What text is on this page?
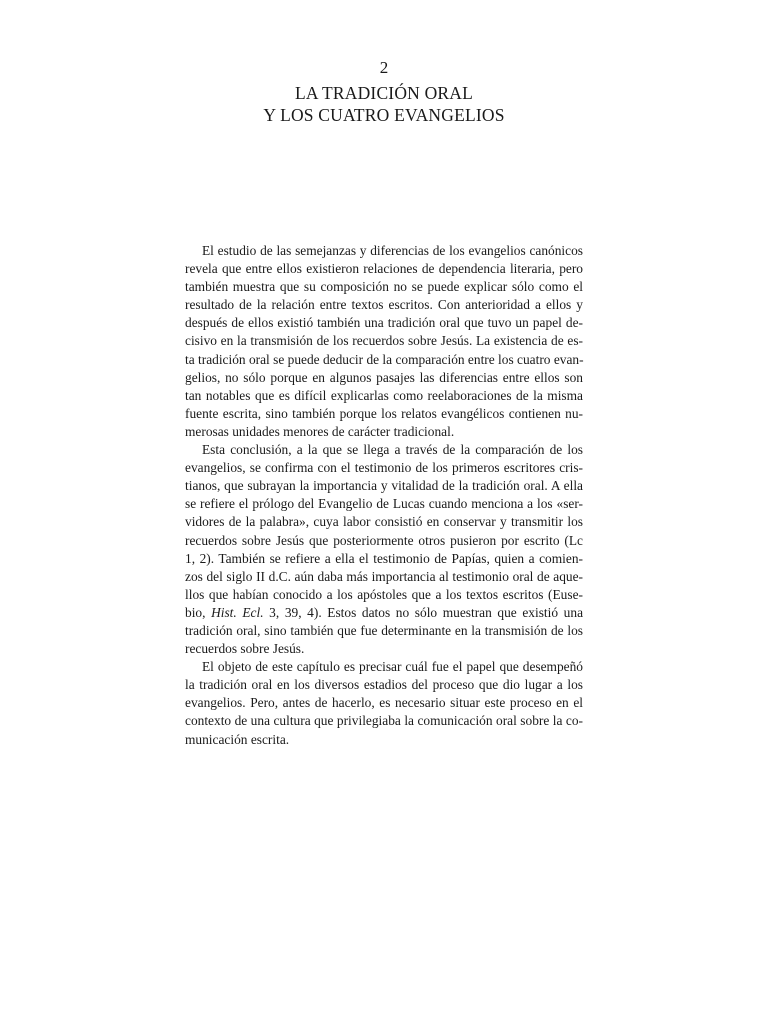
2
LA TRADICIÓN ORAL
Y LOS CUATRO EVANGELIOS
El estudio de las semejanzas y diferencias de los evangelios canónicos
revela que entre ellos existieron relaciones de dependencia literaria, pero
también muestra que su composición no se puede explicar sólo como el
resultado de la relación entre textos escritos. Con anterioridad a ellos y
después de ellos existió también una tradición oral que tuvo un papel de-
cisivo en la transmisión de los recuerdos sobre Jesús. La existencia de es-
ta tradición oral se puede deducir de la comparación entre los cuatro evan-
gelios, no sólo porque en algunos pasajes las diferencias entre ellos son
tan notables que es difícil explicarlas como reelaboraciones de la misma
fuente escrita, sino también porque los relatos evangélicos contienen nu-
merosas unidades menores de carácter tradicional.
Esta conclusión, a la que se llega a través de la comparación de los
evangelios, se confirma con el testimonio de los primeros escritores cris-
tianos, que subrayan la importancia y vitalidad de la tradición oral. A ella
se refiere el prólogo del Evangelio de Lucas cuando menciona a los «ser-
vidores de la palabra», cuya labor consistió en conservar y transmitir los
recuerdos sobre Jesús que posteriormente otros pusieron por escrito (Lc
1, 2). También se refiere a ella el testimonio de Papías, quien a comien-
zos del siglo II d.C. aún daba más importancia al testimonio oral de aque-
llos que habían conocido a los apóstoles que a los textos escritos (Euse-
bio, Hist. Ecl. 3, 39, 4). Estos datos no sólo muestran que existió una
tradición oral, sino también que fue determinante en la transmisión de los
recuerdos sobre Jesús.
El objeto de este capítulo es precisar cuál fue el papel que desempeñó
la tradición oral en los diversos estadios del proceso que dio lugar a los
evangelios. Pero, antes de hacerlo, es necesario situar este proceso en el
contexto de una cultura que privilegiaba la comunicación oral sobre la co-
municación escrita.
